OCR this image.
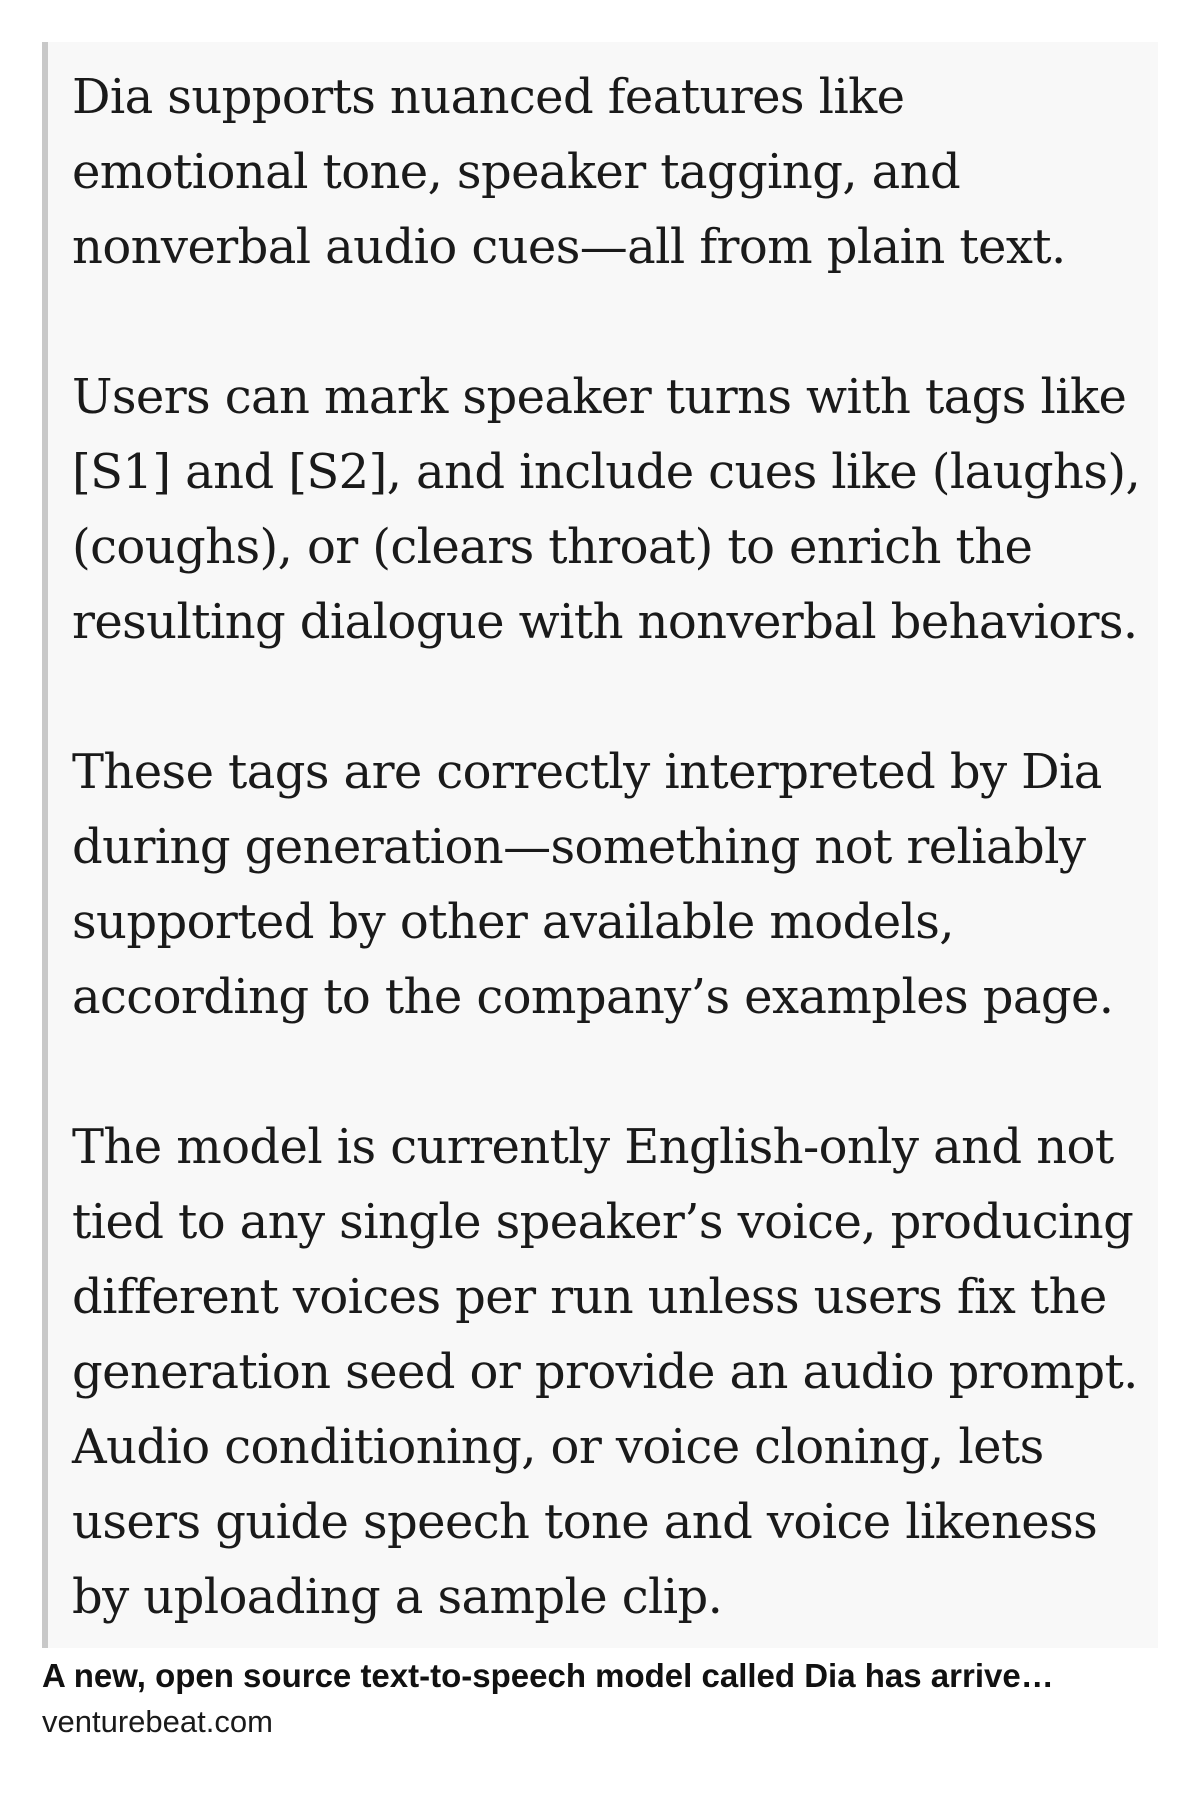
Dia supports nuanced features like emotional tone, speaker tagging, and nonverbal audio cues—all from plain text.

Users can mark speaker turns with tags like [S1] and [S2], and include cues like (laughs), (coughs), or (clears throat) to enrich the resulting dialogue with nonverbal behaviors.

These tags are correctly interpreted by Dia during generation—something not reliably supported by other available models, according to the company’s examples page.

The model is currently English-only and not tied to any single speaker’s voice, producing different voices per run unless users fix the generation seed or provide an audio prompt. Audio conditioning, or voice cloning, lets users guide speech tone and voice likeness by uploading a sample clip.

A new, open source text-to-speech model called Dia has arrive…
venturebeat.com
